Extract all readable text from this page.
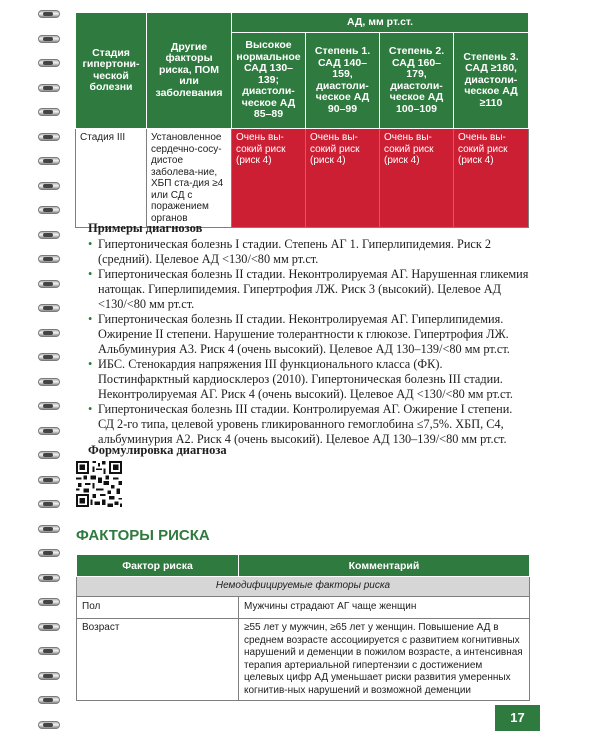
Стадия гипертони-ческой болезни	Другие факторы риска, ПОМ или заболевания	АД, мм рт.ст.			
		Высокое нормальное САД 130–139; диастоли-ческое АД 85–89	Степень 1. САД 140–159, диастоли-ческое АД 90–99	Степень 2. САД 160–179, диастоли-ческое АД 100–109	Степень 3. САД ≥180, диастоли-ческое АД ≥110
Стадия III	Установленное сердечно-сосу-дистое заболева-ние, ХБП ста-дия ≥4 или СД с поражением органов	Очень вы-сокий риск (риск 4)	Очень вы-сокий риск (риск 4)	Очень вы-сокий риск (риск 4)	Очень вы-сокий риск (риск 4)
Примеры диагнозов
• Гипертоническая болезнь I стадии. Степень АГ 1. Гиперлипидемия. Риск 2 (средний). Целевое АД <130/<80 мм рт.ст.
• Гипертоническая болезнь II стадии. Неконтролируемая АГ. Нарушенная гликемия натощак. Гиперлипидемия. Гипертрофия ЛЖ. Риск 3 (высокий). Целевое АД <130/<80 мм рт.ст.
• Гипертоническая болезнь II стадии. Неконтролируемая АГ. Гиперлипидемия. Ожирение II степени. Нарушение толерантности к глюкозе. Гипертрофия ЛЖ. Альбуминурия А3. Риск 4 (очень высокий). Целевое АД 130–139/<80 мм рт.ст.
• ИБС. Стенокардия напряжения III функционального класса (ФК). Постинфарктный кардиосклероз (2010). Гипертоническая болезнь III стадии. Неконтролируемая АГ. Риск 4 (очень высокий). Целевое АД <130/<80 мм рт.ст.
• Гипертоническая болезнь III стадии. Контролируемая АГ. Ожирение I степени. СД 2-го типа, целевой уровень гликированного гемоглобина ≤7,5%. ХБП, С4, альбуминурия А2. Риск 4 (очень высокий). Целевое АД 130–139/<80 мм рт.ст.
Формулировка диагноза
ФАКТОРЫ РИСКА
Фактор риска	Комментарий
Немодифицируемые факторы риска	
Пол	Мужчины страдают АГ чаще женщин
Возраст	≥55 лет у мужчин, ≥65 лет у женщин. Повышение АД в среднем возрасте ассоциируется с развитием когнитивных нарушений и деменции в пожилом возрасте, а интенсивная терапия артериальной гипертензии с достижением целевых цифр АД уменьшает риски развития умеренных когнитив-ных нарушений и возможной деменции
17
